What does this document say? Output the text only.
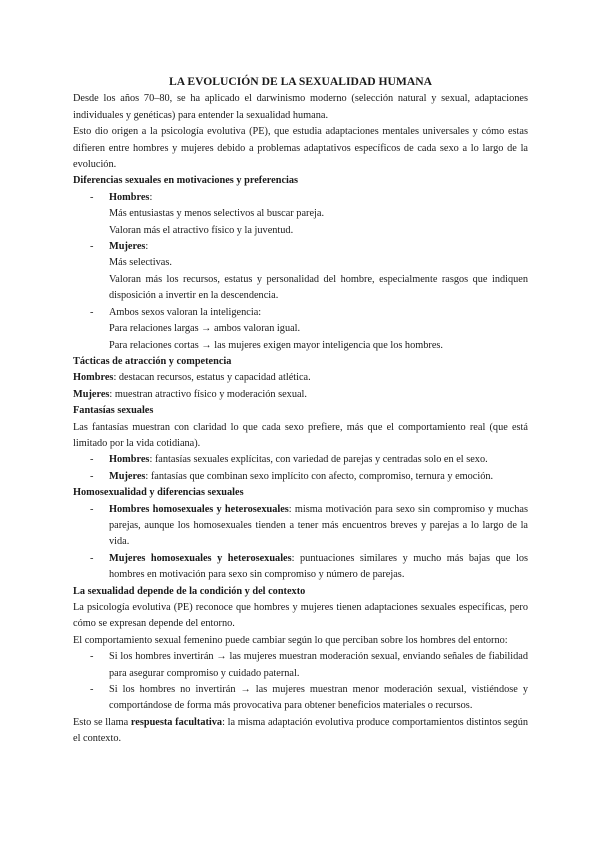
LA EVOLUCIÓN DE LA SEXUALIDAD HUMANA

Desde los años 70–80, se ha aplicado el darwinismo moderno (selección natural y sexual, adaptaciones individuales y genéticas) para entender la sexualidad humana.

Esto dio origen a la psicología evolutiva (PE), que estudia adaptaciones mentales universales y cómo estas difieren entre hombres y mujeres debido a problemas adaptativos específicos de cada sexo a lo largo de la evolución.

Diferencias sexuales en motivaciones y preferencias
- Hombres:
Más entusiastas y menos selectivos al buscar pareja.
Valoran más el atractivo físico y la juventud.
- Mujeres:
Más selectivas.
Valoran más los recursos, estatus y personalidad del hombre, especialmente rasgos que indiquen disposición a invertir en la descendencia.
- Ambos sexos valoran la inteligencia:
Para relaciones largas → ambos valoran igual.
Para relaciones cortas → las mujeres exigen mayor inteligencia que los hombres.
Tácticas de atracción y competencia

Hombres: destacan recursos, estatus y capacidad atlética.

Mujeres: muestran atractivo físico y moderación sexual.

Fantasías sexuales

Las fantasías muestran con claridad lo que cada sexo prefiere, más que el comportamiento real (que está limitado por la vida cotidiana).

- Hombres: fantasías sexuales explícitas, con variedad de parejas y centradas solo en el sexo.
- Mujeres: fantasías que combinan sexo implícito con afecto, compromiso, ternura y emoción.
Homosexualidad y diferencias sexuales
- Hombres homosexuales y heterosexuales: misma motivación para sexo sin compromiso y muchas parejas, aunque los homosexuales tienden a tener más encuentros breves y parejas a lo largo de la vida.
- Mujeres homosexuales y heterosexuales: puntuaciones similares y mucho más bajas que los hombres en motivación para sexo sin compromiso y número de parejas.
La sexualidad depende de la condición y del contexto

La psicología evolutiva (PE) reconoce que hombres y mujeres tienen adaptaciones sexuales específicas, pero cómo se expresan depende del entorno.

El comportamiento sexual femenino puede cambiar según lo que perciban sobre los hombres del entorno:

- Si los hombres invertirán → las mujeres muestran moderación sexual, enviando señales de fiabilidad para asegurar compromiso y cuidado paternal.
- Si los hombres no invertirán → las mujeres muestran menor moderación sexual, vistiéndose y comportándose de forma más provocativa para obtener beneficios materiales o recursos.

Esto se llama respuesta facultativa: la misma adaptación evolutiva produce comportamientos distintos según el contexto.
